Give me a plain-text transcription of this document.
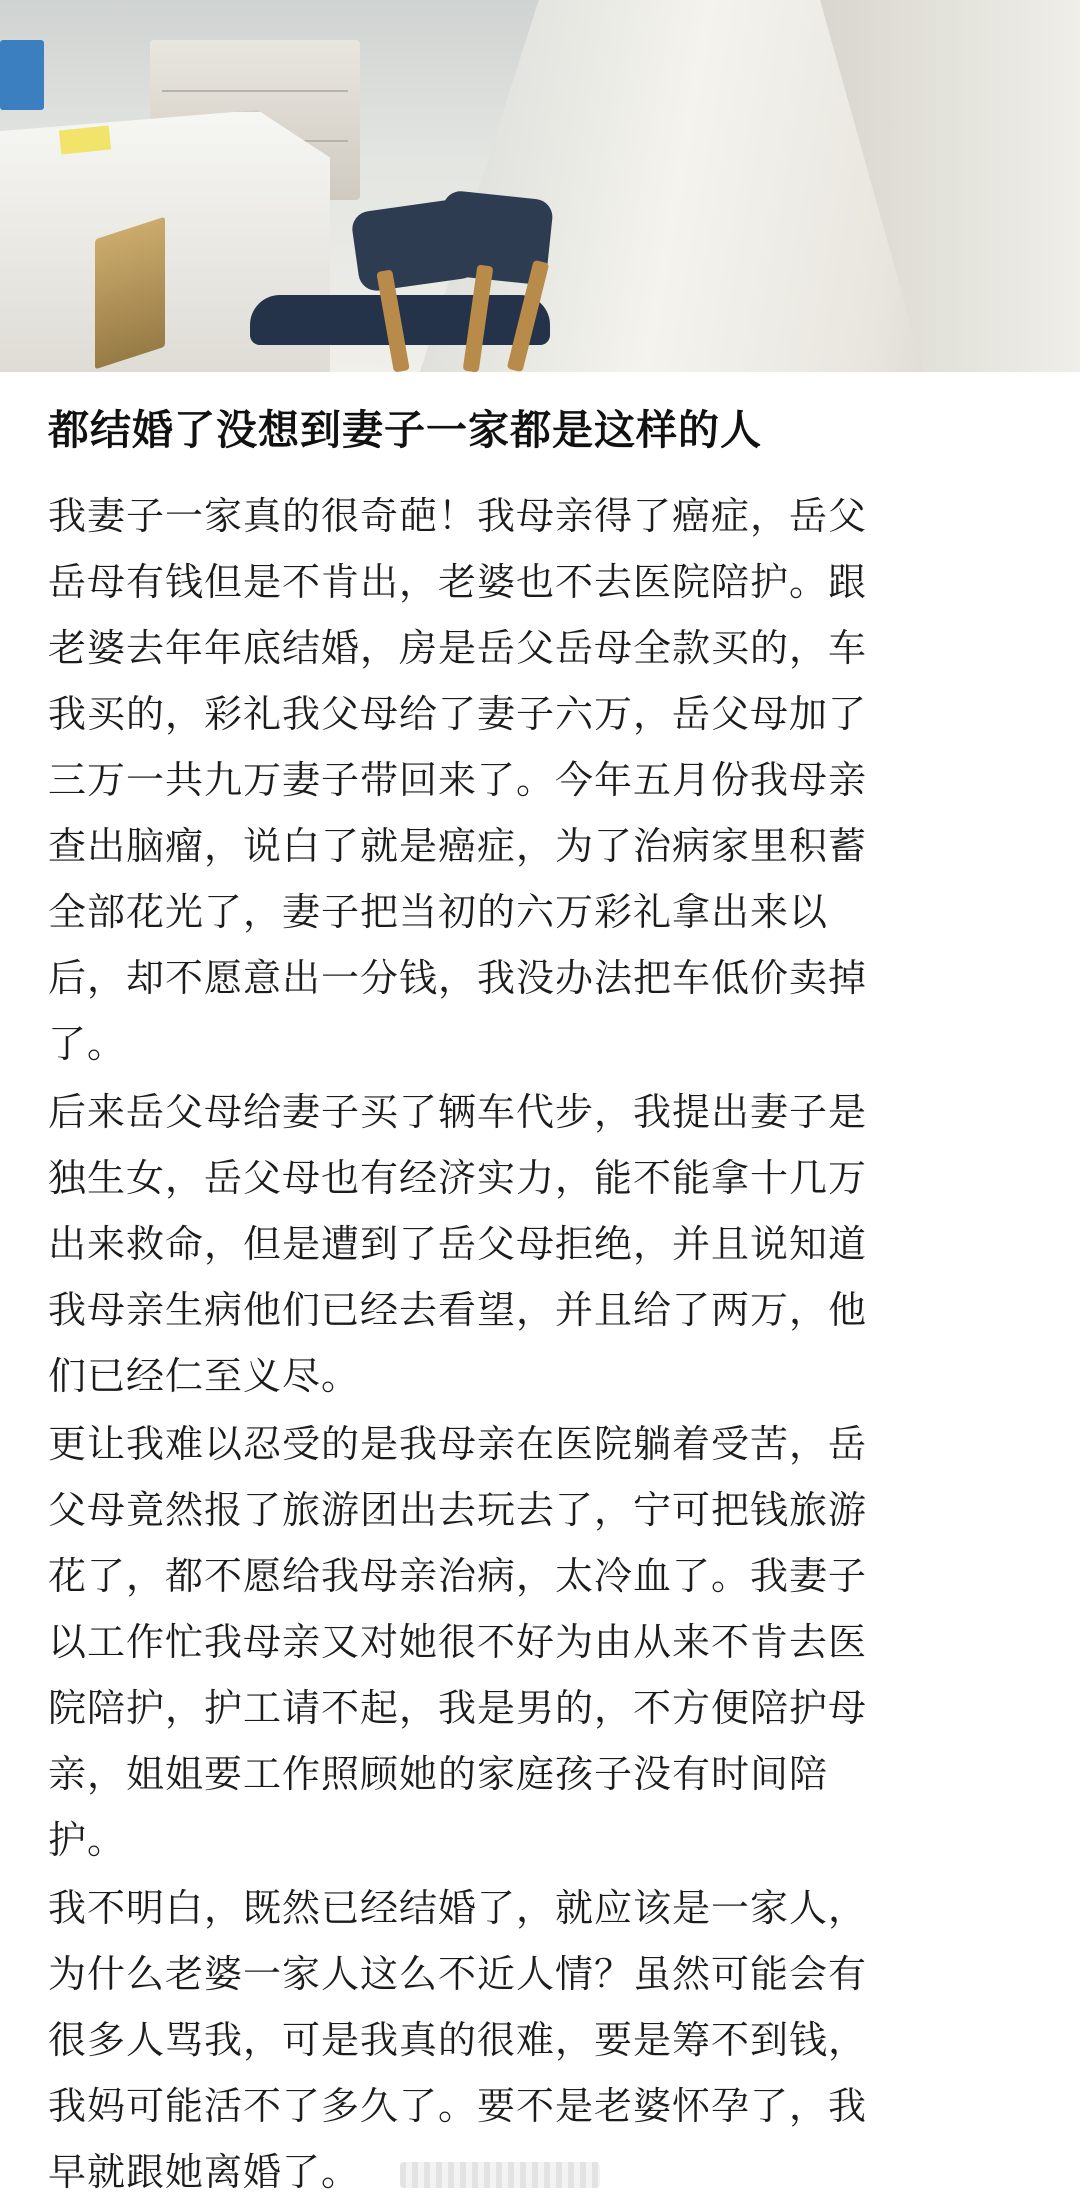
都结婚了没想到妻子一家都是这样的人
我妻子一家真的很奇葩！我母亲得了癌症，岳父
岳母有钱但是不肯出，老婆也不去医院陪护。跟
老婆去年年底结婚，房是岳父岳母全款买的，车
我买的，彩礼我父母给了妻子六万，岳父母加了
三万一共九万妻子带回来了。今年五月份我母亲
查出脑瘤，说白了就是癌症，为了治病家里积蓄
全部花光了，妻子把当初的六万彩礼拿出来以
后，却不愿意出一分钱，我没办法把车低价卖掉
了。
后来岳父母给妻子买了辆车代步，我提出妻子是
独生女，岳父母也有经济实力，能不能拿十几万
出来救命，但是遭到了岳父母拒绝，并且说知道
我母亲生病他们已经去看望，并且给了两万，他
们已经仁至义尽。
更让我难以忍受的是我母亲在医院躺着受苦，岳
父母竟然报了旅游团出去玩去了，宁可把钱旅游
花了，都不愿给我母亲治病，太冷血了。我妻子
以工作忙我母亲又对她很不好为由从来不肯去医
院陪护，护工请不起，我是男的，不方便陪护母
亲，姐姐要工作照顾她的家庭孩子没有时间陪
护。
我不明白，既然已经结婚了，就应该是一家人，
为什么老婆一家人这么不近人情？虽然可能会有
很多人骂我，可是我真的很难，要是筹不到钱，
我妈可能活不了多久了。要不是老婆怀孕了，我
早就跟她离婚了。
